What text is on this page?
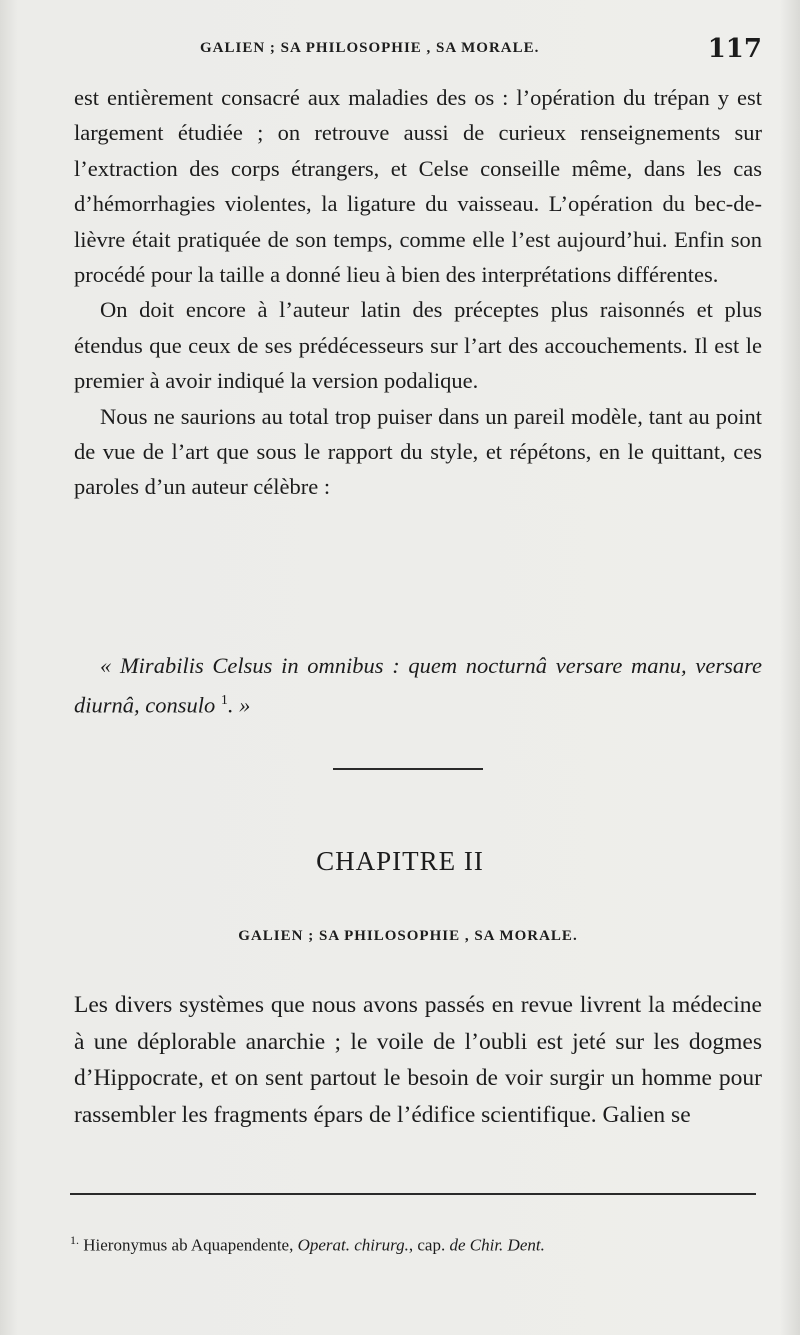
GALIEN ; SA PHILOSOPHIE , SA MORALE.	117

est entièrement consacré aux maladies des os : l’opération du trépan y est largement étudiée ; on retrouve aussi de curieux renseignements sur l’extraction des corps étrangers, et Celse conseille même, dans les cas d’hémorrhagies violentes, la ligature du vaisseau. L’opération du bec-de-lièvre était pratiquée de son temps, comme elle l’est aujourd’hui. Enfin son procédé pour la taille a donné lieu à bien des interprétations différentes.

On doit encore à l’auteur latin des préceptes plus raisonnés et plus étendus que ceux de ses prédécesseurs sur l’art des accouchements. Il est le premier à avoir indiqué la version podalique.

Nous ne saurions au total trop puiser dans un pareil modèle, tant au point de vue de l’art que sous le rapport du style, et répétons, en le quittant, ces paroles d’un auteur célèbre :

« Mirabilis Celsus in omnibus : quem nocturnâ versare manu, versare diurnâ, consulo $^1$. »
CHAPITRE II
GALIEN ; SA PHILOSOPHIE , SA MORALE.

Les divers systèmes que nous avons passés en revue livrent la médecine à une déplorable anarchie ; le voile de l’oubli est jeté sur les dogmes d’Hippocrate, et on sent partout le besoin de voir surgir un homme pour rassembler les fragments épars de l’édifice scientifique. Galien se

$^{1.}$ Hieronymus ab Aquapendente, Operat. chirurg., cap. de Chir. Dent.
